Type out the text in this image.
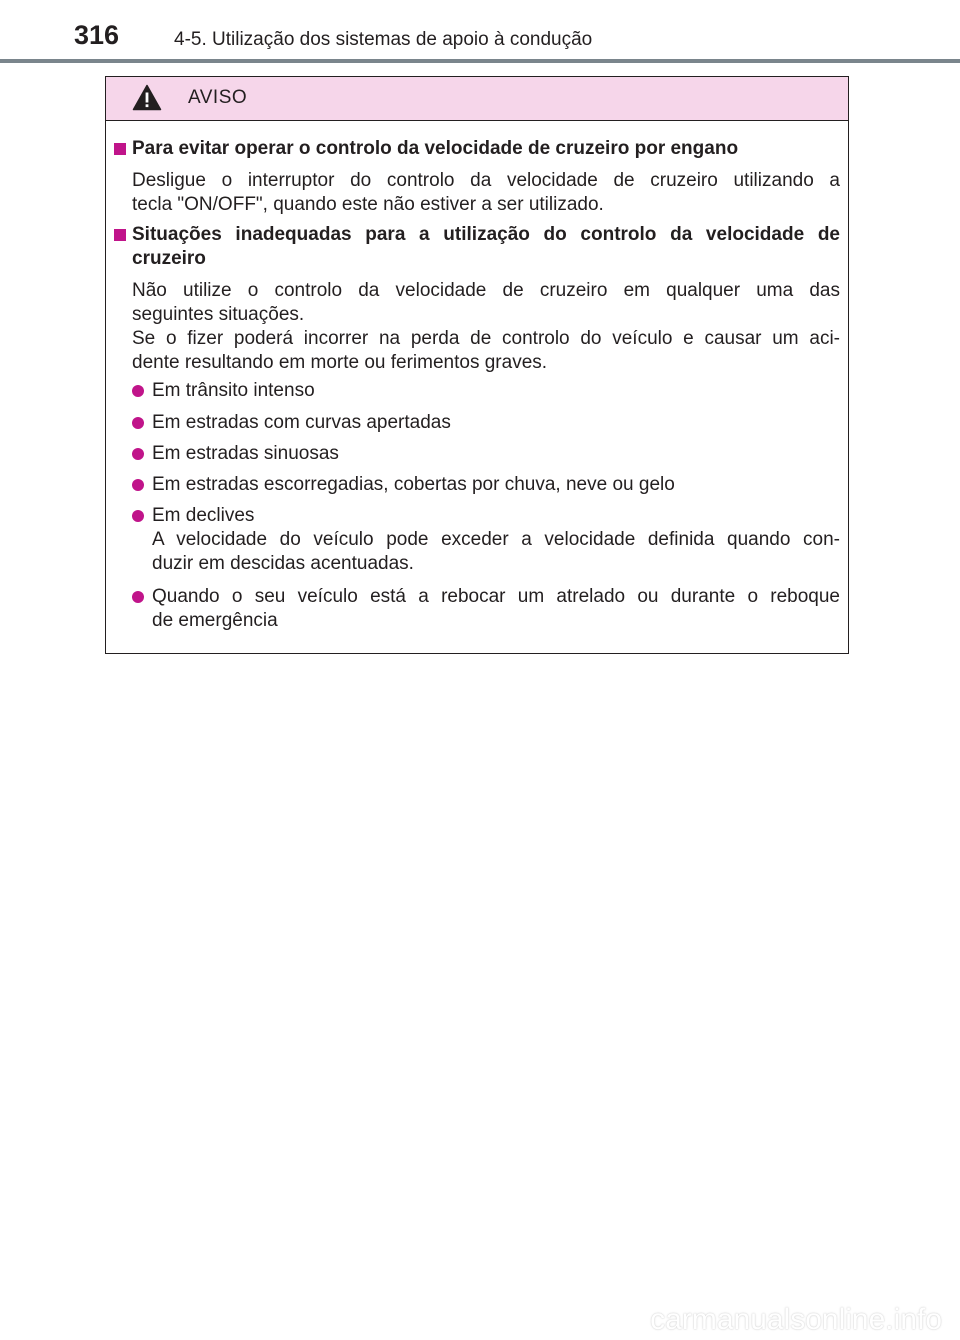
316	4-5. Utilização dos sistemas de apoio à condução
AVISO
Para evitar operar o controlo da velocidade de cruzeiro por engano
Desligue o interruptor do controlo da velocidade de cruzeiro utilizando a
tecla "ON/OFF", quando este não estiver a ser utilizado.
Situações inadequadas para a utilização do controlo da velocidade de
cruzeiro
Não utilize o controlo da velocidade de cruzeiro em qualquer uma das
seguintes situações.
Se o fizer poderá incorrer na perda de controlo do veículo e causar um aci-
dente resultando em morte ou ferimentos graves.
Em trânsito intenso
Em estradas com curvas apertadas
Em estradas sinuosas
Em estradas escorregadias, cobertas por chuva, neve ou gelo
Em declives
A velocidade do veículo pode exceder a velocidade definida quando con-
duzir em descidas acentuadas.
Quando o seu veículo está a rebocar um atrelado ou durante o reboque
de emergência
carmanualsonline.info
